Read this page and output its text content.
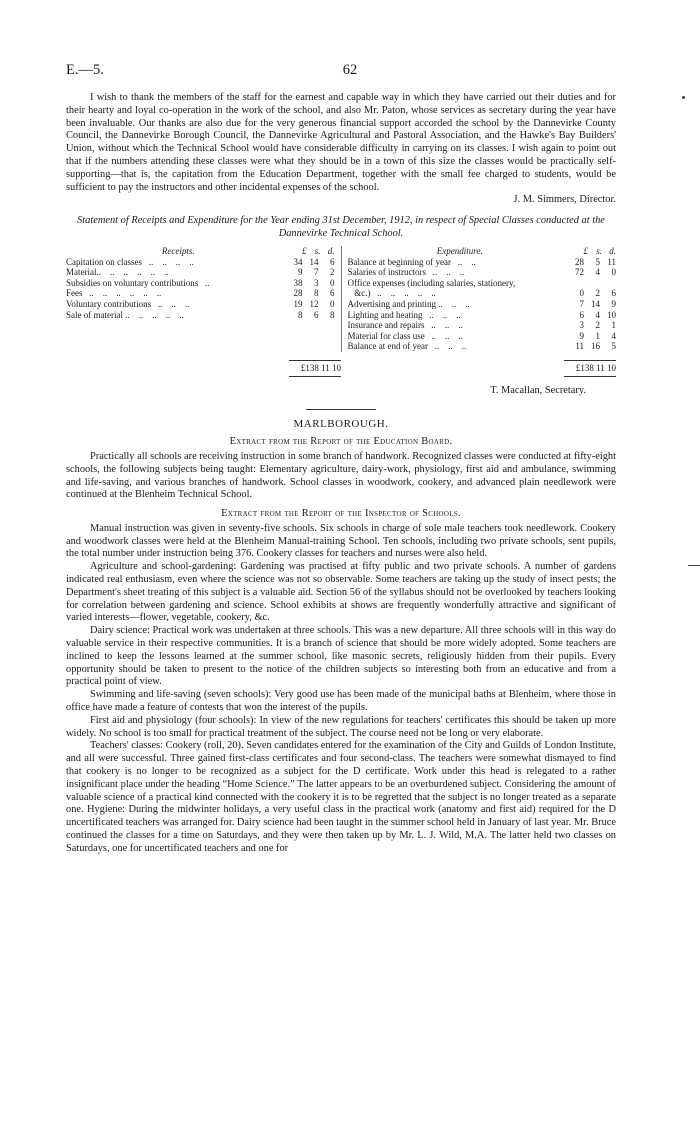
E.—5.	62

I wish to thank the members of the staff for the earnest and capable way in which they have carried out their duties and for their hearty and loyal co-operation in the work of the school, and also Mr. Paton, whose services as secretary during the year have been invaluable. Our thanks are also due for the very generous financial support accorded the school by the Dannevirke County Council, the Dannevirke Borough Council, the Dannevirke Agricultural and Pastoral Association, and the Hawke's Bay Builders' Union, without which the Technical School would have considerable difficulty in carrying on its classes. I wish again to point out that if the numbers attending these classes were what they should be in a town of this size the classes would be practically self-supporting—that is, the capitation from the Education Department, together with the small fee charged to students, would be sufficient to pay the instructors and other incidental expenses of the school.

J. M. Simmers, Director.

Statement of Receipts and Expenditure for the Year ending 31st December, 1912, in respect of Special Classes conducted at the Dannevirke Technical School.

Receipts.	£ s. d.
Capitation on classes   ..    ..    ..    ..	34 14	6
Material..    ..    ..    ..    ..    ..	9	7	2
Subsidies on voluntary contributions   ..	38	3	0
Fees   ..    ..    ..    ..    ..    ..	28	8	6
Voluntary contributions   ..    ..    ..	19 12	0
Sale of material ..    ..    ..    ..    ..	8	6	8
Expenditure.	£ s. d.
Balance at beginning of year   ..    ..	28	5 11
Salaries of instructors   ..    ..    ..	72	4	0
Office expenses (including salaries, stationery,
&c.)   ..    ..    ..    ..    ..	0	2	6
Advertising and printing ..    ..    ..	7 14	9
Lighting and heating   ..    ..    ..	6	4 10
Insurance and repairs   ..    ..    ..	3	2	1
Material for class use   ..    ..    ..	9	1	4
Balance at end of year   ..    ..    ..	11 16	5
£138 11 10	£138 11 10

T. Macallan, Secretary.

MARLBOROUGH.
Extract from the Report of the Education Board.

Practically all schools are receiving instruction in some branch of handwork. Recognized classes were conducted at fifty-eight schools, the following subjects being taught: Elementary agriculture, dairy-work, physiology, first aid and ambulance, swimming and life-saving, and various branches of handwork. School classes in woodwork, cookery, and advanced plain needlework were continued at the Blenheim Technical School.

Extract from the Report of the Inspector of Schools.

Manual instruction was given in seventy-five schools. Six schools in charge of sole male teachers took needlework. Cookery and woodwork classes were held at the Blenheim Manual-training School. Ten schools, including two private schools, sent pupils, the total number under instruction being 376. Cookery classes for teachers and nurses were also held.

Agriculture and school-gardening: Gardening was practised at fifty public and two private schools. A number of gardens indicated real enthusiasm, even where the science was not so observable. Some teachers are taking up the study of insect pests; the Department's sheet treating of this subject is a valuable aid. Section 56 of the syllabus should not be overlooked by teachers looking for correlation between gardening and science. School exhibits at shows are frequently wonderfully attractive and significant of varied interests—flower, vegetable, cookery, &c.

Dairy science: Practical work was undertaken at three schools. This was a new departure. All three schools will in this way do valuable service in their respective communities. It is a branch of science that should be more widely adopted. Some teachers are inclined to keep the lessons learned at the summer school, like masonic secrets, religiously hidden from their pupils. Every opportunity should be taken to present to the notice of the children subjects so interesting both from an educative and from a practical point of view.

Swimming and life-saving (seven schools): Very good use has been made of the municipal baths at Blenheim, where those in office have made a feature of contests that won the interest of the pupils.

First aid and physiology (four schools): In view of the new regulations for teachers' certificates this should be taken up more widely. No school is too small for practical treatment of the subject. The course need not be long or very elaborate.

Teachers' classes: Cookery (roll, 20). Seven candidates entered for the examination of the City and Guilds of London Institute, and all were successful. Three gained first-class certificates and four second-class. The teachers were somewhat dismayed to find that cookery is no longer to be recognized as a subject for the D certificate. Work under this head is relegated to a rather insignificant place under the heading “Home Science.” The latter appears to be an overburdened subject. Considering the amount of valuable science of a practical kind connected with the cookery it is to be regretted that the subject is no longer treated as a separate one. Hygiene: During the midwinter holidays, a very useful class in the practical work (anatomy and first aid) required for the D uncertificated teachers was arranged for. Dairy science had been taught in the summer school held in January of last year. Mr. Bruce continued the classes for a time on Saturdays, and they were then taken up by Mr. L. J. Wild, M.A. The latter held two classes on Saturdays, one for uncertificated teachers and one for
